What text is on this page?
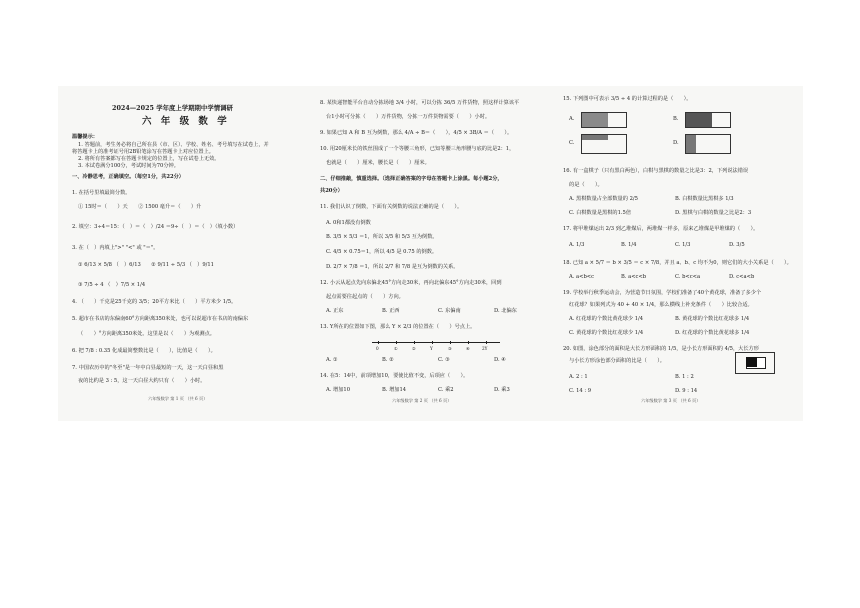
2024—2025 学年度上学期期中学情调研
六 年 级 数 学
温馨提示：
1. 答题前，考生务必将自己所在县（市、区）、学校、姓名、考号填写在试卷上，并
将答题卡上的准考证号用2B铅笔涂写在答题卡上对应位置上。
2. 将所有答案都写在答题卡规定的位置上，写在试卷上无效。
3. 本试卷满分100分，考试时间为70分钟。
一、冷静思考，正确填空。（每空1分，共22分）
1. 在括号里填最简分数。
① 15时＝（　　）天　　② 1500 毫升＝（　　）升
2. 填空：3÷4＝15：（　）＝（　）/24 ＝9÷（　）＝（　）（填小数）
3. 在（　）内填上">" "<" 或 "＝"。
① 6/13 × 5/8 （　）6/13　　② 9/11 ÷ 5/3 （　）9/11
③ 7/5 ÷ 4 （　）7/5 × 1/4
4. （　　）千克是25千克的 3/5；20平方米比（　　）平方米少 1/5。
5. 超市在书店的东偏南60°方向距离350米处，也可以说超市在书店的南偏东
（　　）°方向距离350米处。这里是以（　　）为观测点。
6. 把 7/8 : 0.35 化成最简整数比是（　　），比值是（　　）。
7. 中国农历中的"冬至"是一年中白昼最短的一天，这一天白昼和黑
夜的比约是 3 : 5，这一天白昼大约只有（　　）小时。
六年级数学 第 1 页 （共 6 页）
8. 某快递智能平台自动分拣场地 3/4 小时，可以分拣 36/5 万件货物，照这样计算该平
台1小时可分拣（　　）万件货物，分拣一万件货物需要（　　）小时。
9. 如果已知 A 和 B 互为倒数，那么 4/A ÷ B＝（　　），4/5 × 3B/A ＝（　　）。
10. 用20厘米长的铁丝围成了一个等腰三角形，已知等腰三角形腰与底的比是2：1，
也就是（　　）厘米，腰长是（　　）厘米。
二、仔细推敲，慎重选择。（选择正确答案的字母在答题卡上涂黑。每小题2分，
共20分）
11. 我们认识了倒数，下面有关倒数的说法正确的是（　　）。
A. 0和1都没有倒数
B. 3/5 × 5/3 ＝1，所以 3/5 和 5/3 互为倒数。
C. 4/5 × 0.75＝1，所以 4/5 是 0.75 的倒数。
D. 2/7 × 7/8 ＝1，所以 2/7 和 7/8 是互为倒数的关系。
12. 小云从起点先向东偏北45°方向走30米，再向北偏东45°方向走30米，回到
起点需要往起点的（　　）方向。
A. 正东	B. 正西	C. 东偏南	D. 北偏东
13. Y所在的位置如下图，那么 Y × 2/3 的位置在（　　）号点上。
0	①	②	Y	③	④	2Y
A. ①	B. ②	C. ③	D. ④
14. 在5：14中，前项增加10，要使比值不变，后项应（　　）。
A. 增加10	B. 增加14	C. 乘2	D. 乘3
六年级数学 第 2 页 （共 6 页）
15. 下列图中可表示 3/5 ÷ 4 的计算过程的是（　　）。
A.	B.
C.	D.
16. 有一盒棋子（只有黑白两色），白棋与黑棋的数量之比是3：2，下列说法错误
的是（　　）。
A. 黑棋数量占全部数量的 2/5	B. 白棋数量比黑棋多 1/3
C. 白棋数量是黑棋的1.5倍	D. 黑棋与白棋的数量之比是2：3
17. 将甲堆煤运出 2/3 到乙堆煤后，两堆煤一样多，原来乙堆煤是甲堆煤的（　　）。
A. 1/3	B. 1/4	C. 1/3	D. 3/5
18. 已知 a × 5/7 ＝ b × 3/5 ＝ c × 7/8，并且 a、b、c 均不为0，则它们的大小关系是（　　）。
A. a<b<c	B. a<c<b	C. b<c<a	D. c<a<b
19. 学校举行秋季运动会，为营造节日氛围，学校们准备了40个黄花球，准备了多少个
红花球？如果列式为 40 + 40 × 1/4，那么横线上补充条件（　　）比较合适。
A. 红花球的个数比黄花球少 1/4	B. 黄花球的个数比红花球多 1/4
C. 黄花球的个数比红花球少 1/4	D. 红花球的个数比黄花球多 1/4
20. 如图，涂色部分的面积是大长方形面积的 1/5，是小长方形面积的 4/5，大长方形
与小长方形涂色部分面积的比是（　　）。
A. 2 : 1	B. 1 : 2
C. 14 : 9	D. 9 : 14
六年级数学 第 3 页 （共 6 页）
